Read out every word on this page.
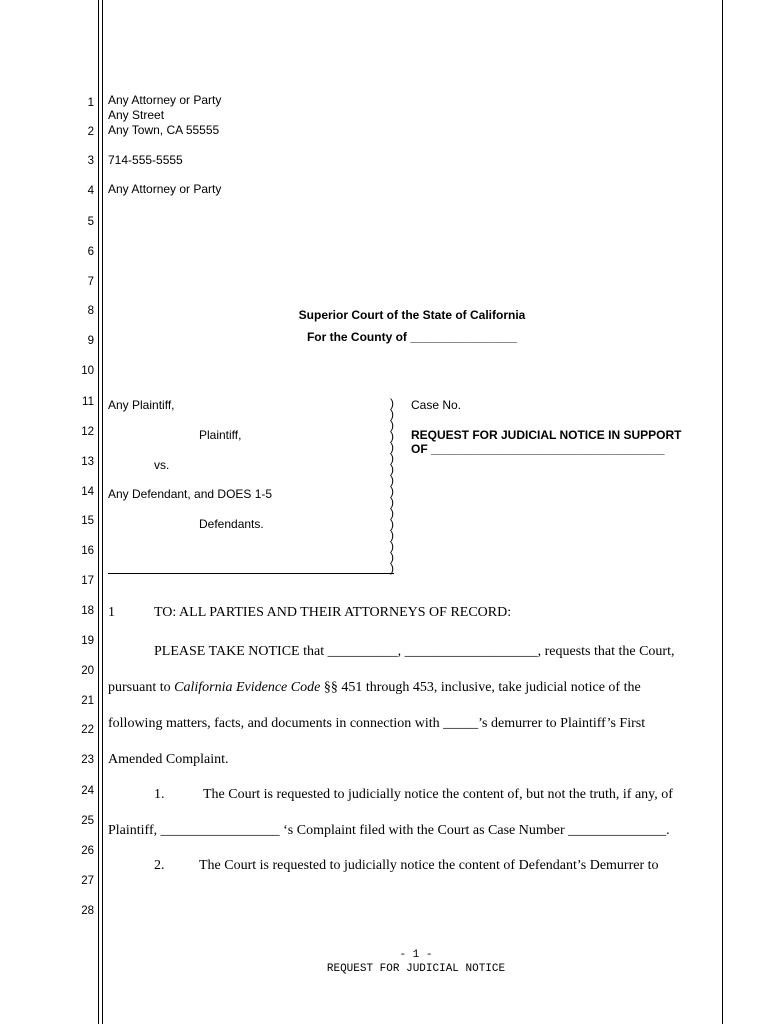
1
2
3
4
5
6
7
8
9
10
11
12
13
14
15
16
17
18
19
20
21
22
23
24
25
26
27
28
Any Attorney or Party
Any Street
Any Town, CA 55555
714-555-5555
Any Attorney or Party
Superior Court of the State of California
For the County of ________________
Any Plaintiff,
Plaintiff,
vs.
Any Defendant, and DOES 1-5
Defendants.
)
)
)
)
)
)
)
)
)
)
)
)
)
)
)
)
Case No.
REQUEST FOR JUDICIAL NOTICE IN SUPPORT
OF ___________________________________
1	TO: ALL PARTIES AND THEIR ATTORNEYS OF RECORD:
PLEASE TAKE NOTICE that __________, ___________________, requests that the Court,
pursuant to California Evidence Code §§ 451 through 453, inclusive, take judicial notice of the
following matters, facts, and documents in connection with _____’s demurrer to Plaintiff’s First
Amended Complaint.
1.	The Court is requested to judicially notice the content of, but not the truth, if any, of
Plaintiff, _________________ ‘s Complaint filed with the Court as Case Number ______________.
2. The Court is requested to judicially notice the content of Defendant’s Demurrer to
- 1 -
REQUEST FOR JUDICIAL NOTICE
